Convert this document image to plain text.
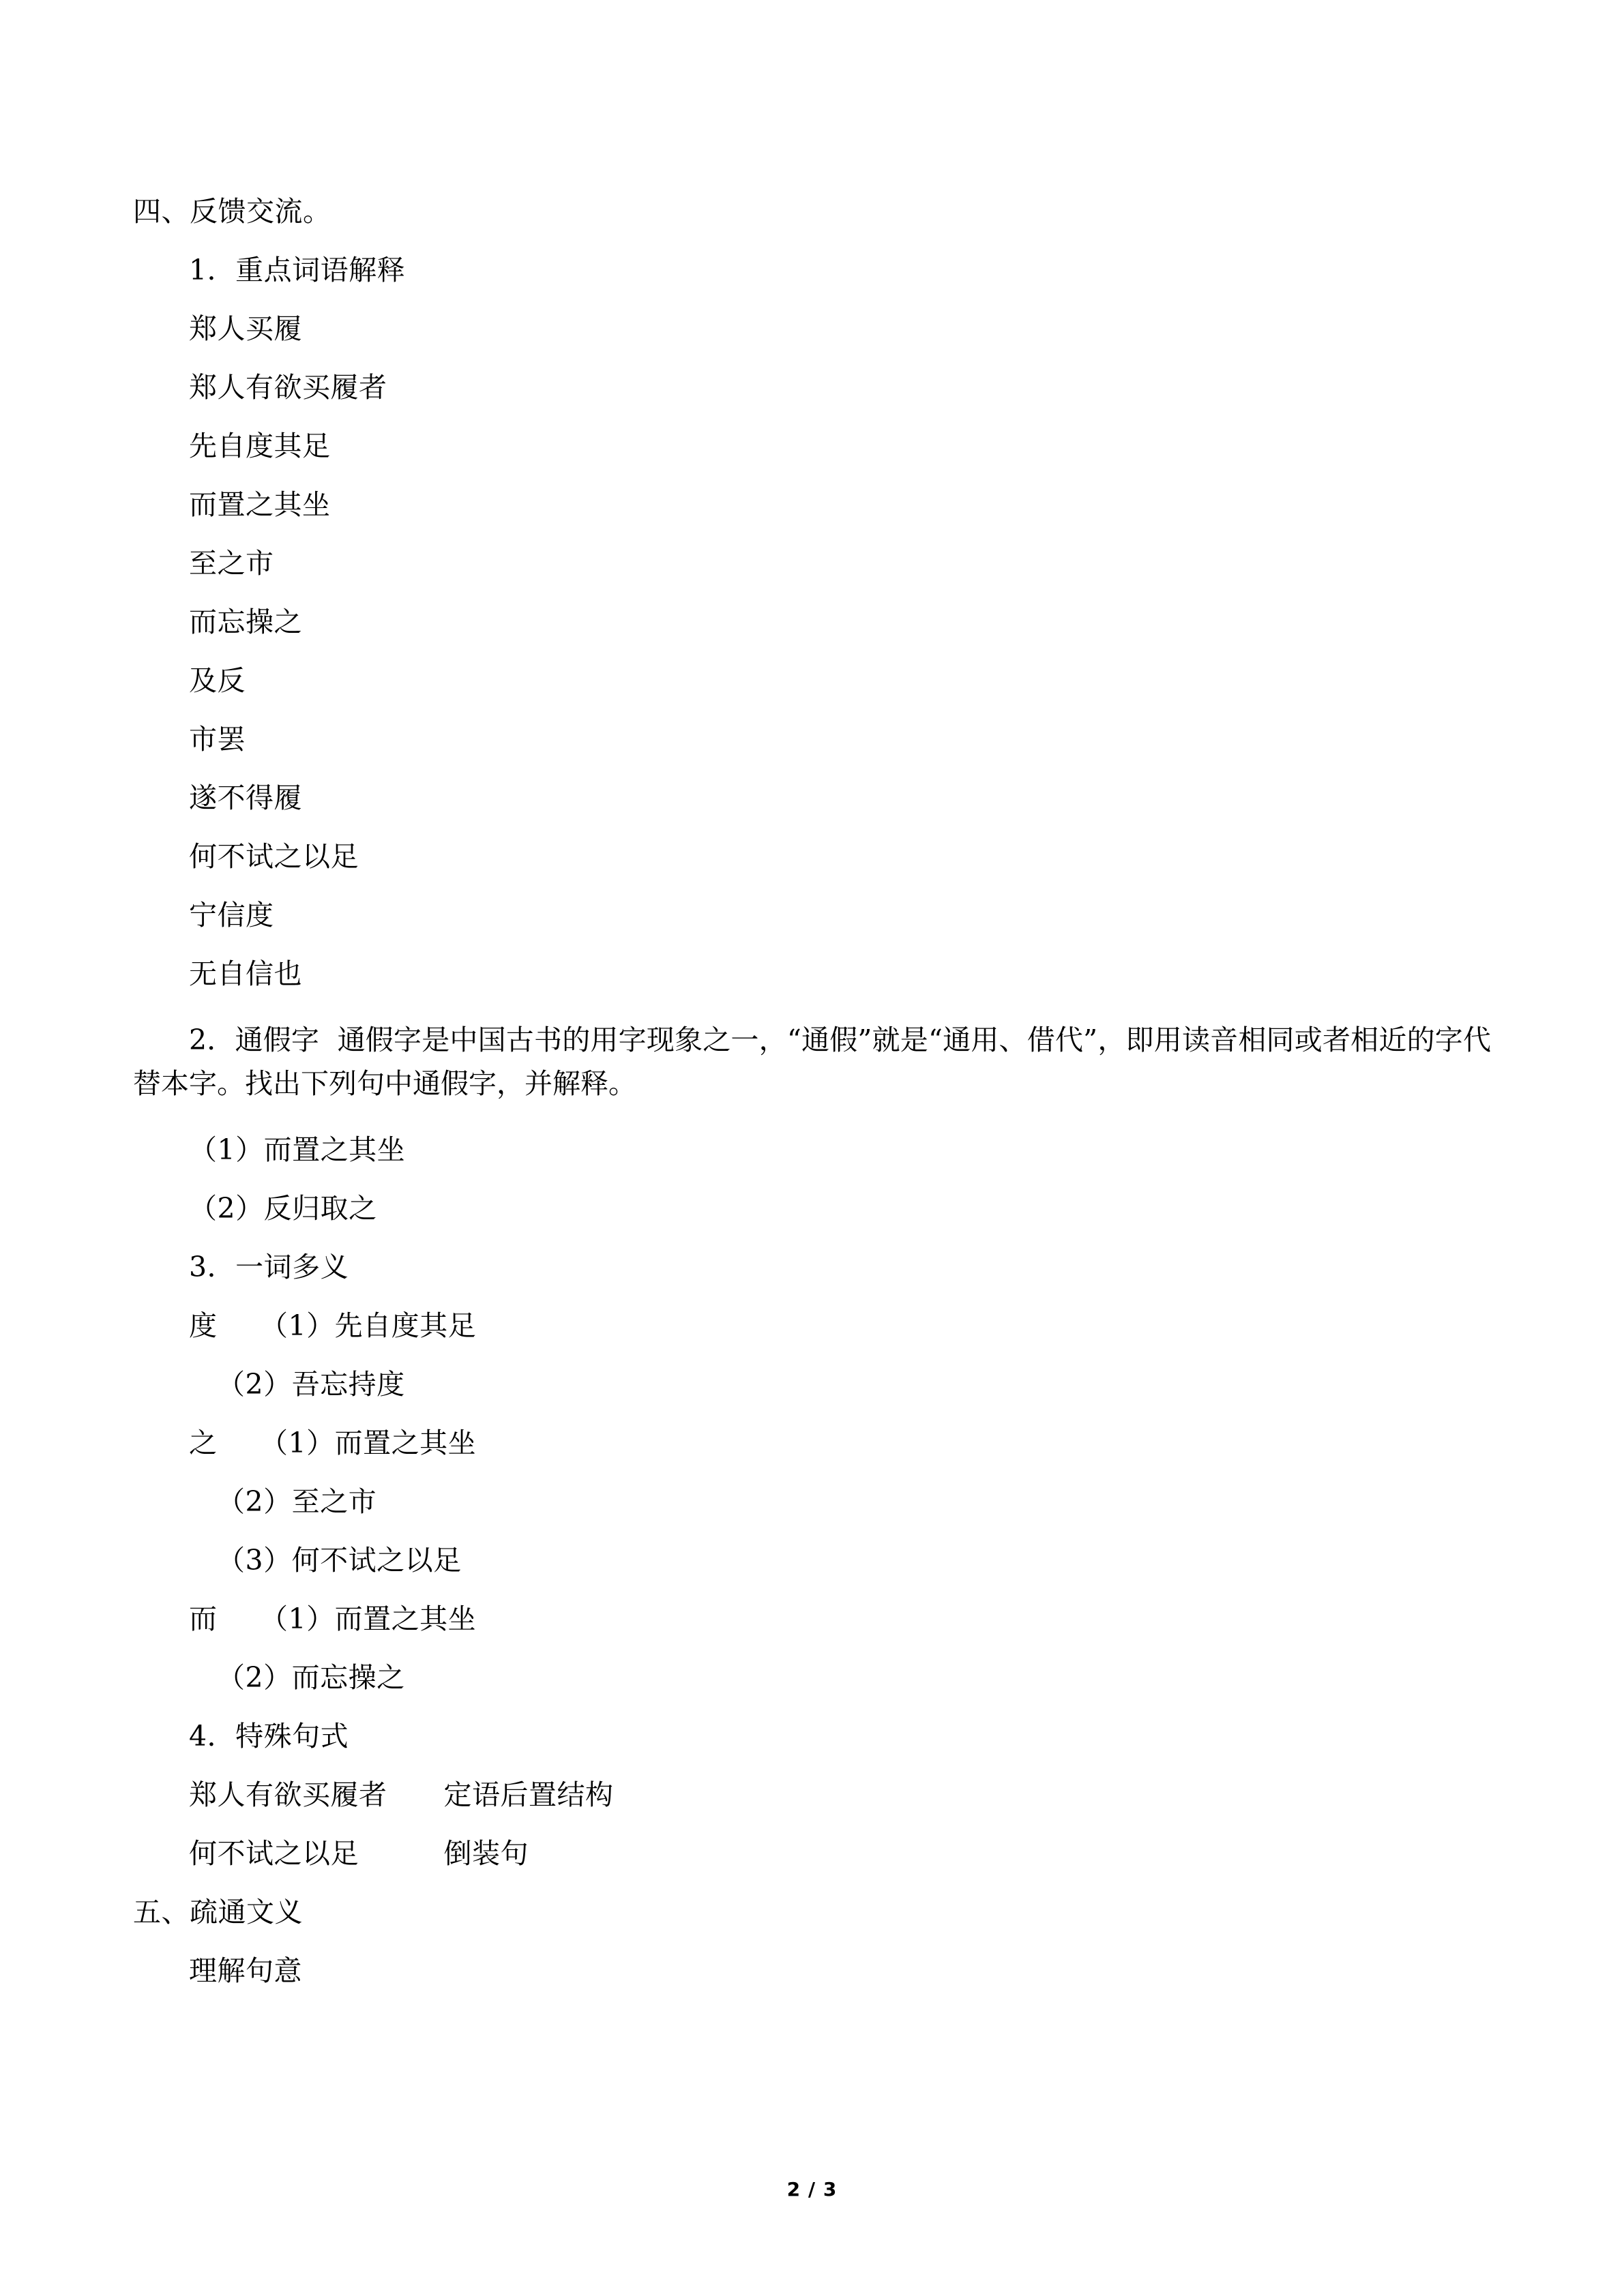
四、反馈交流。

1．重点词语解释

郑人买履

郑人有欲买履者

先自度其足

而置之其坐

至之市

而忘操之

及反

市罢

遂不得履

何不试之以足

宁信度

无自信也

2．通假字  通假字是中国古书的用字现象之一，“通假”就是“通用、借代”，即用读音相同或者相近的字代替本字。找出下列句中通假字，并解释。

（1）而置之其坐

（2）反归取之

3．一词多义

度　　（1）先自度其足

（2）吾忘持度

之　　（1）而置之其坐

（2）至之市

（3）何不试之以足

而　　（1）而置之其坐

（2）而忘操之

4．特殊句式

郑人有欲买履者　　定语后置结构

何不试之以足　　　倒装句

五、疏通文义

理解句意

2 / 3
